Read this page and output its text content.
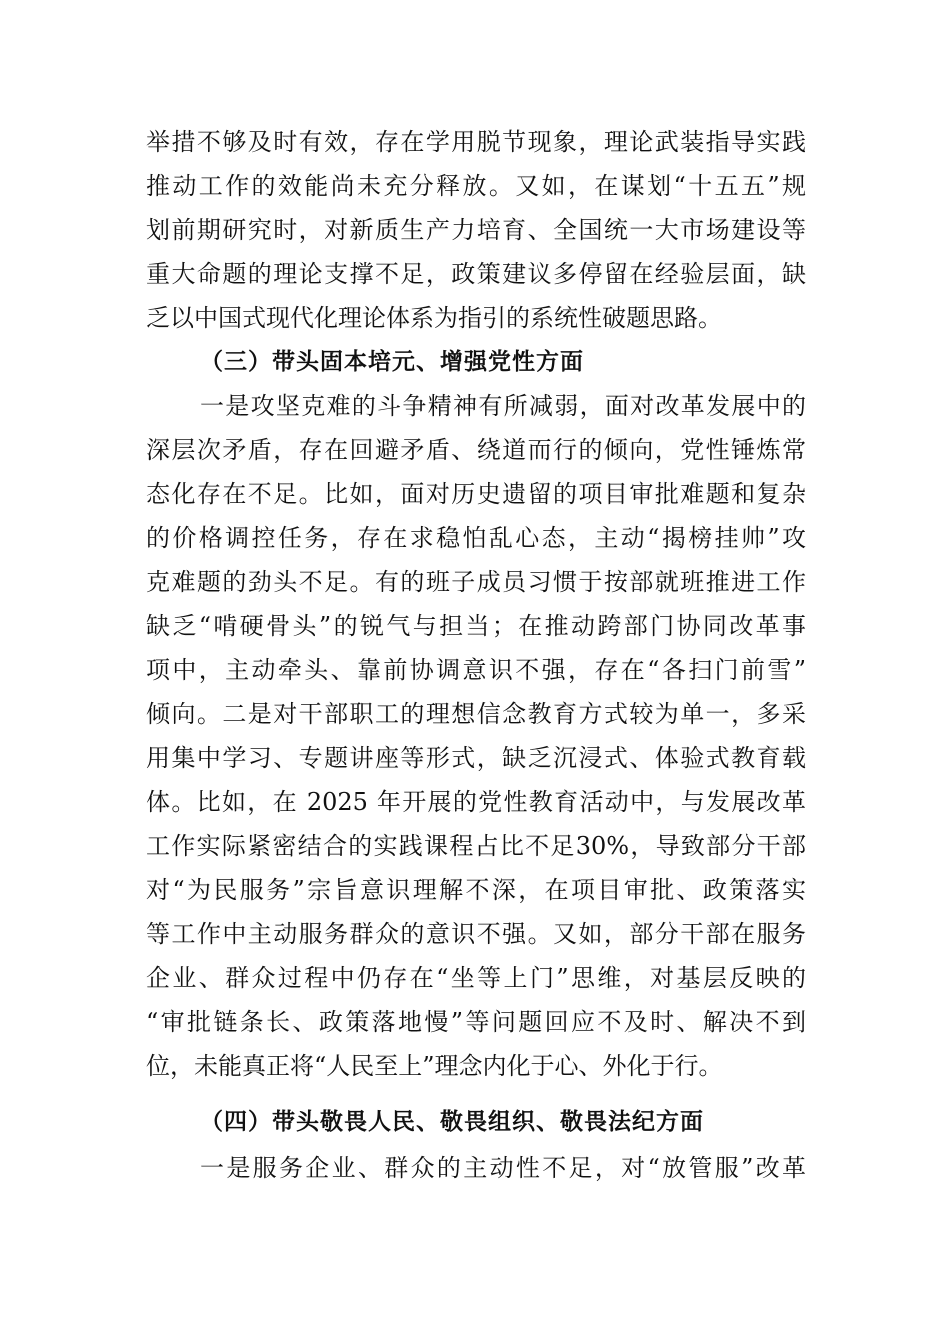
举措不够及时有效，存在学用脱节现象，理论武装指导实践
推动工作的效能尚未充分释放。又如，在谋划“十五五”规
划前期研究时，对新质生产力培育、全国统一大市场建设等
重大命题的理论支撑不足，政策建议多停留在经验层面，缺
乏以中国式现代化理论体系为指引的系统性破题思路。
（三）带头固本培元、增强党性方面
一是攻坚克难的斗争精神有所减弱，面对改革发展中的
深层次矛盾，存在回避矛盾、绕道而行的倾向，党性锤炼常
态化存在不足。比如，面对历史遗留的项目审批难题和复杂
的价格调控任务，存在求稳怕乱心态，主动“揭榜挂帅”攻
克难题的劲头不足。有的班子成员习惯于按部就班推进工作
缺乏“啃硬骨头”的锐气与担当；在推动跨部门协同改革事
项中，主动牵头、靠前协调意识不强，存在“各扫门前雪”
倾向。二是对干部职工的理想信念教育方式较为单一，多采
用集中学习、专题讲座等形式，缺乏沉浸式、体验式教育载
体。比如，在 2025 年开展的党性教育活动中，与发展改革
工作实际紧密结合的实践课程占比不足30%，导致部分干部
对“为民服务”宗旨意识理解不深，在项目审批、政策落实
等工作中主动服务群众的意识不强。又如，部分干部在服务
企业、群众过程中仍存在“坐等上门”思维，对基层反映的
“审批链条长、政策落地慢”等问题回应不及时、解决不到
位，未能真正将“人民至上”理念内化于心、外化于行。
（四）带头敬畏人民、敬畏组织、敬畏法纪方面
一是服务企业、群众的主动性不足，对“放管服”改革
